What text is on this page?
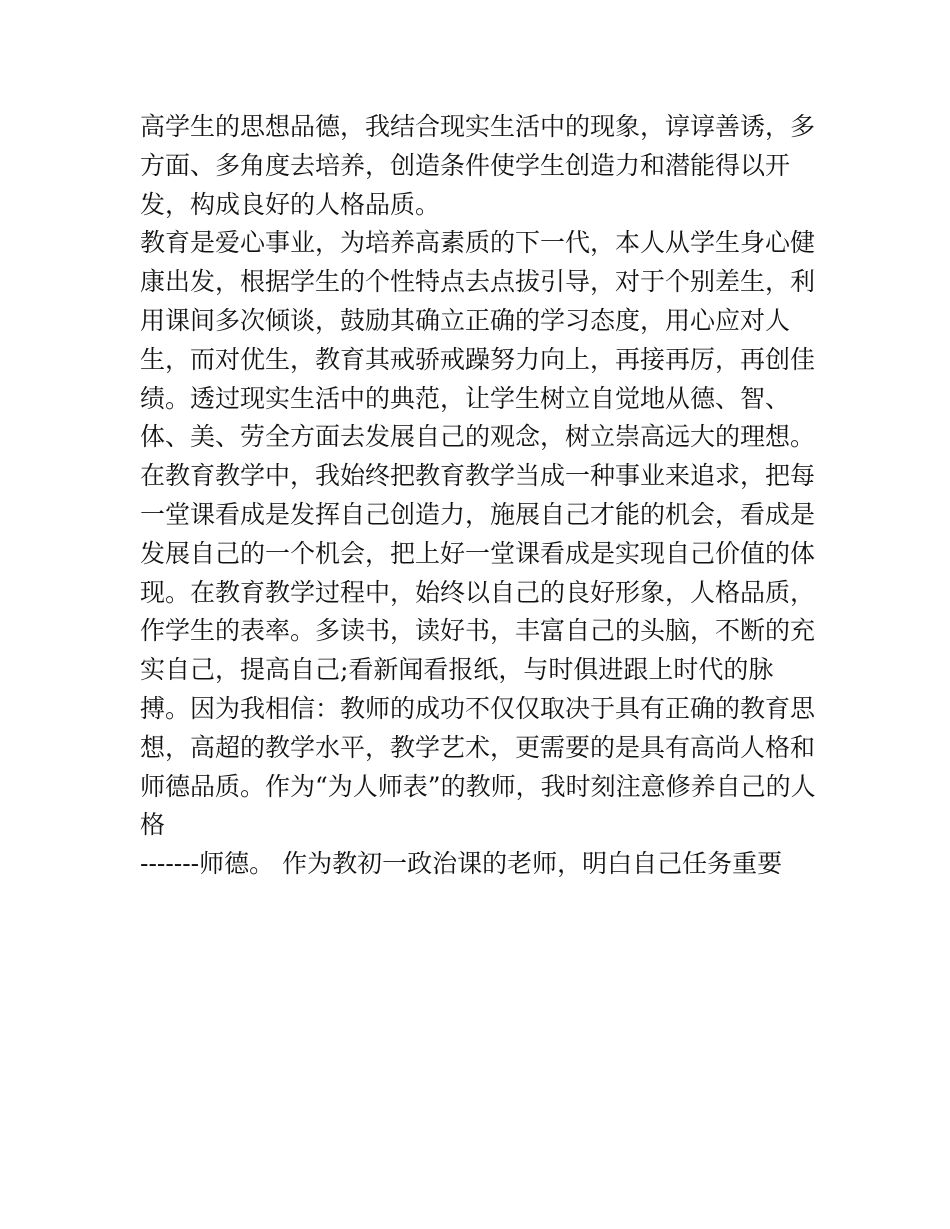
高学生的思想品德，我结合现实生活中的现象，谆谆善诱，多
方面、多角度去培养，创造条件使学生创造力和潜能得以开
发，构成良好的人格品质。
教育是爱心事业，为培养高素质的下一代，本人从学生身心健
康出发，根据学生的个性特点去点拔引导，对于个别差生，利
用课间多次倾谈，鼓励其确立正确的学习态度，用心应对人
生，而对优生，教育其戒骄戒躁努力向上，再接再厉，再创佳
绩。透过现实生活中的典范，让学生树立自觉地从德、智、
体、美、劳全方面去发展自己的观念，树立崇高远大的理想。
在教育教学中，我始终把教育教学当成一种事业来追求，把每
一堂课看成是发挥自己创造力，施展自己才能的机会，看成是
发展自己的一个机会，把上好一堂课看成是实现自己价值的体
现。在教育教学过程中，始终以自己的良好形象，人格品质，
作学生的表率。多读书，读好书，丰富自己的头脑，不断的充
实自己，提高自己;看新闻看报纸，与时俱进跟上时代的脉
搏。因为我相信：教师的成功不仅仅取决于具有正确的教育思
想，高超的教学水平，教学艺术，更需要的是具有高尚人格和
师德品质。作为“为人师表”的教师，我时刻注意修养自己的人
格
-------师德。 作为教初一政治课的老师，明白自己任务重要
